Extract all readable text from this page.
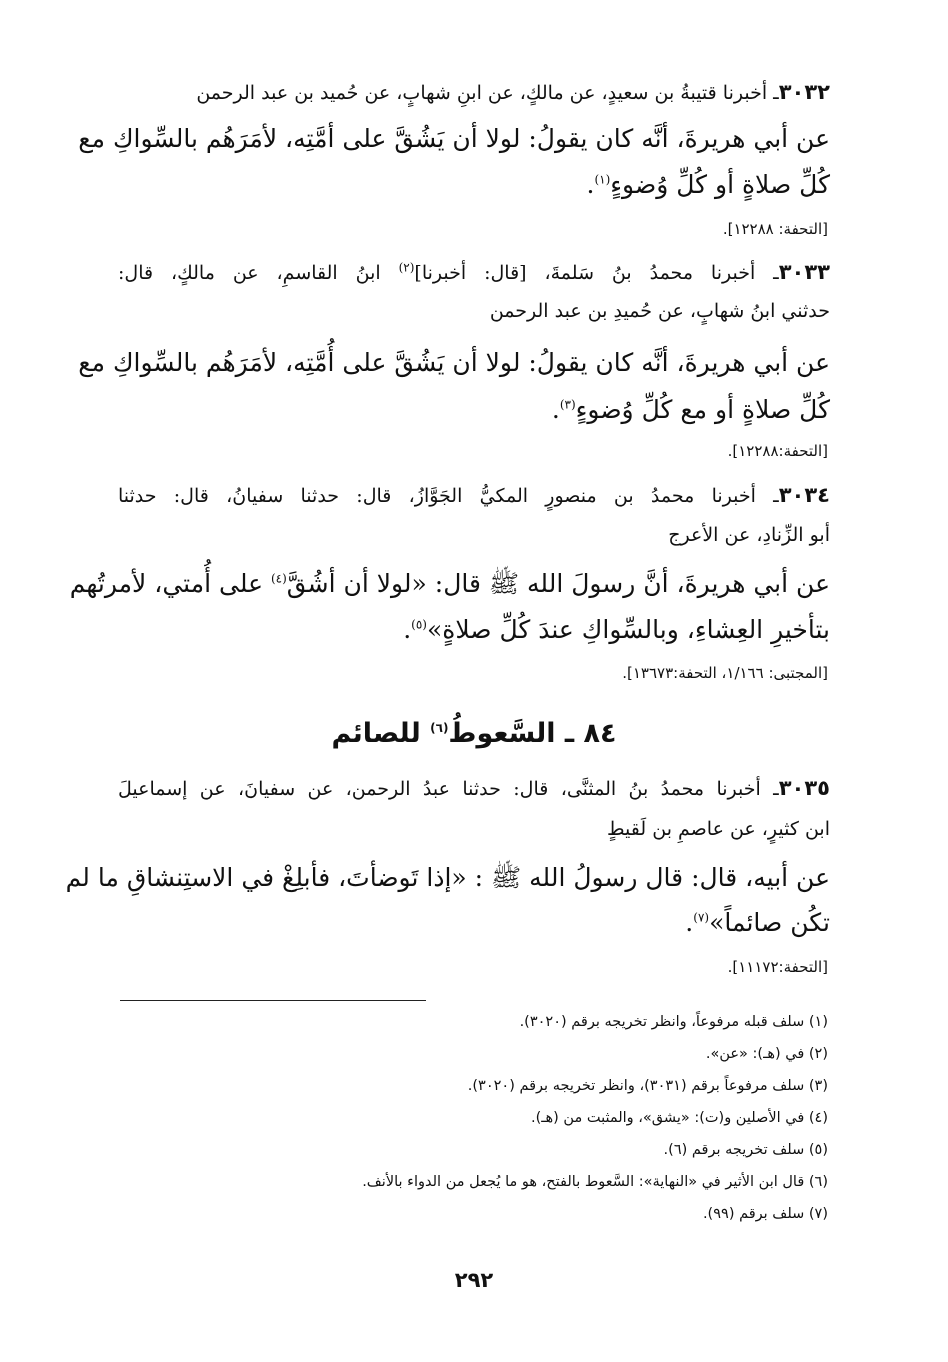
٣٠٣٢ـ أخبرنا قتيبةُ بن سعيدٍ، عن مالكٍ، عن ابنِ شهابٍ، عن حُميد بن عبد الرحمن
عن أبي هريرةَ، أنَّه كان يقولُ: لولا أن يَشُقَّ على أمَّتِه، لأمَرَهُم بالسِّواكِ مع
كُلِّ صلاةٍ أو كُلِّ وُضوءٍ$^{(١)}$.
[التحفة: ١٢٢٨٨].
٣٠٣٣ـ أخبرنا محمدُ بنُ سَلمةَ، [قال: أخبرنا]$^{(٢)}$ ابنُ القاسمِ، عن مالكٍ، قال:
حدثني ابنُ شهابٍ، عن حُميدِ بن عبد الرحمن
عن أبي هريرةَ، أنَّه كان يقولُ: لولا أن يَشُقَّ على أُمَّتِه، لأمَرَهُم بالسِّواكِ مع
كُلِّ صلاةٍ أو مع كُلِّ وُضوءٍ$^{(٣)}$.
[التحفة:١٢٢٨٨].
٣٠٣٤ـ أخبرنا محمدُ بن منصورٍ المكيُّ الجَوَّازُ، قال: حدثنا سفيانُ، قال: حدثنا
أبو الزِّنادِ، عن الأعرج
عن أبي هريرةَ، أنَّ رسولَ الله ﷺ قال: «لولا أن أشُقَّ$^{(٤)}$ على أُمتي، لأمرتُهم
بتأخيرِ العِشاءِ، وبالسِّواكِ عندَ كُلِّ صلاةٍ»$^{(٥)}$.
[المجتبى: ١/١٦٦، التحفة:١٣٦٧٣].
٨٤ ـ السَّعوطُ$^{(٦)}$ للصائم
٣٠٣٥ـ أخبرنا محمدُ بنُ المثنَّى، قال: حدثنا عبدُ الرحمن، عن سفيانَ، عن إسماعيلَ
ابن كثيرٍ، عن عاصمِ بن لَقيطٍ
عن أبيه، قال: قال رسولُ الله ﷺ : «إذا تَوضأتَ، فأبلِغْ في الاستِنشاقِ ما لم
تكُن صائماً»$^{(٧)}$.
[التحفة:١١١٧٢].
(١) سلف قبله مرفوعاً، وانظر تخريجه برقم (٣٠٢٠).
(٢) في (هـ): «عن».
(٣) سلف مرفوعاً برقم (٣٠٣١)، وانظر تخريجه برقم (٣٠٢٠).
(٤) في الأصلين و(ت): «يشق»، والمثبت من (هـ).
(٥) سلف تخريجه برقم (٦).
(٦) قال ابن الأثير في «النهاية»: السَّعوط بالفتح، هو ما يُجعل من الدواء بالأنف.
(٧) سلف برقم (٩٩).
٢٩٢
